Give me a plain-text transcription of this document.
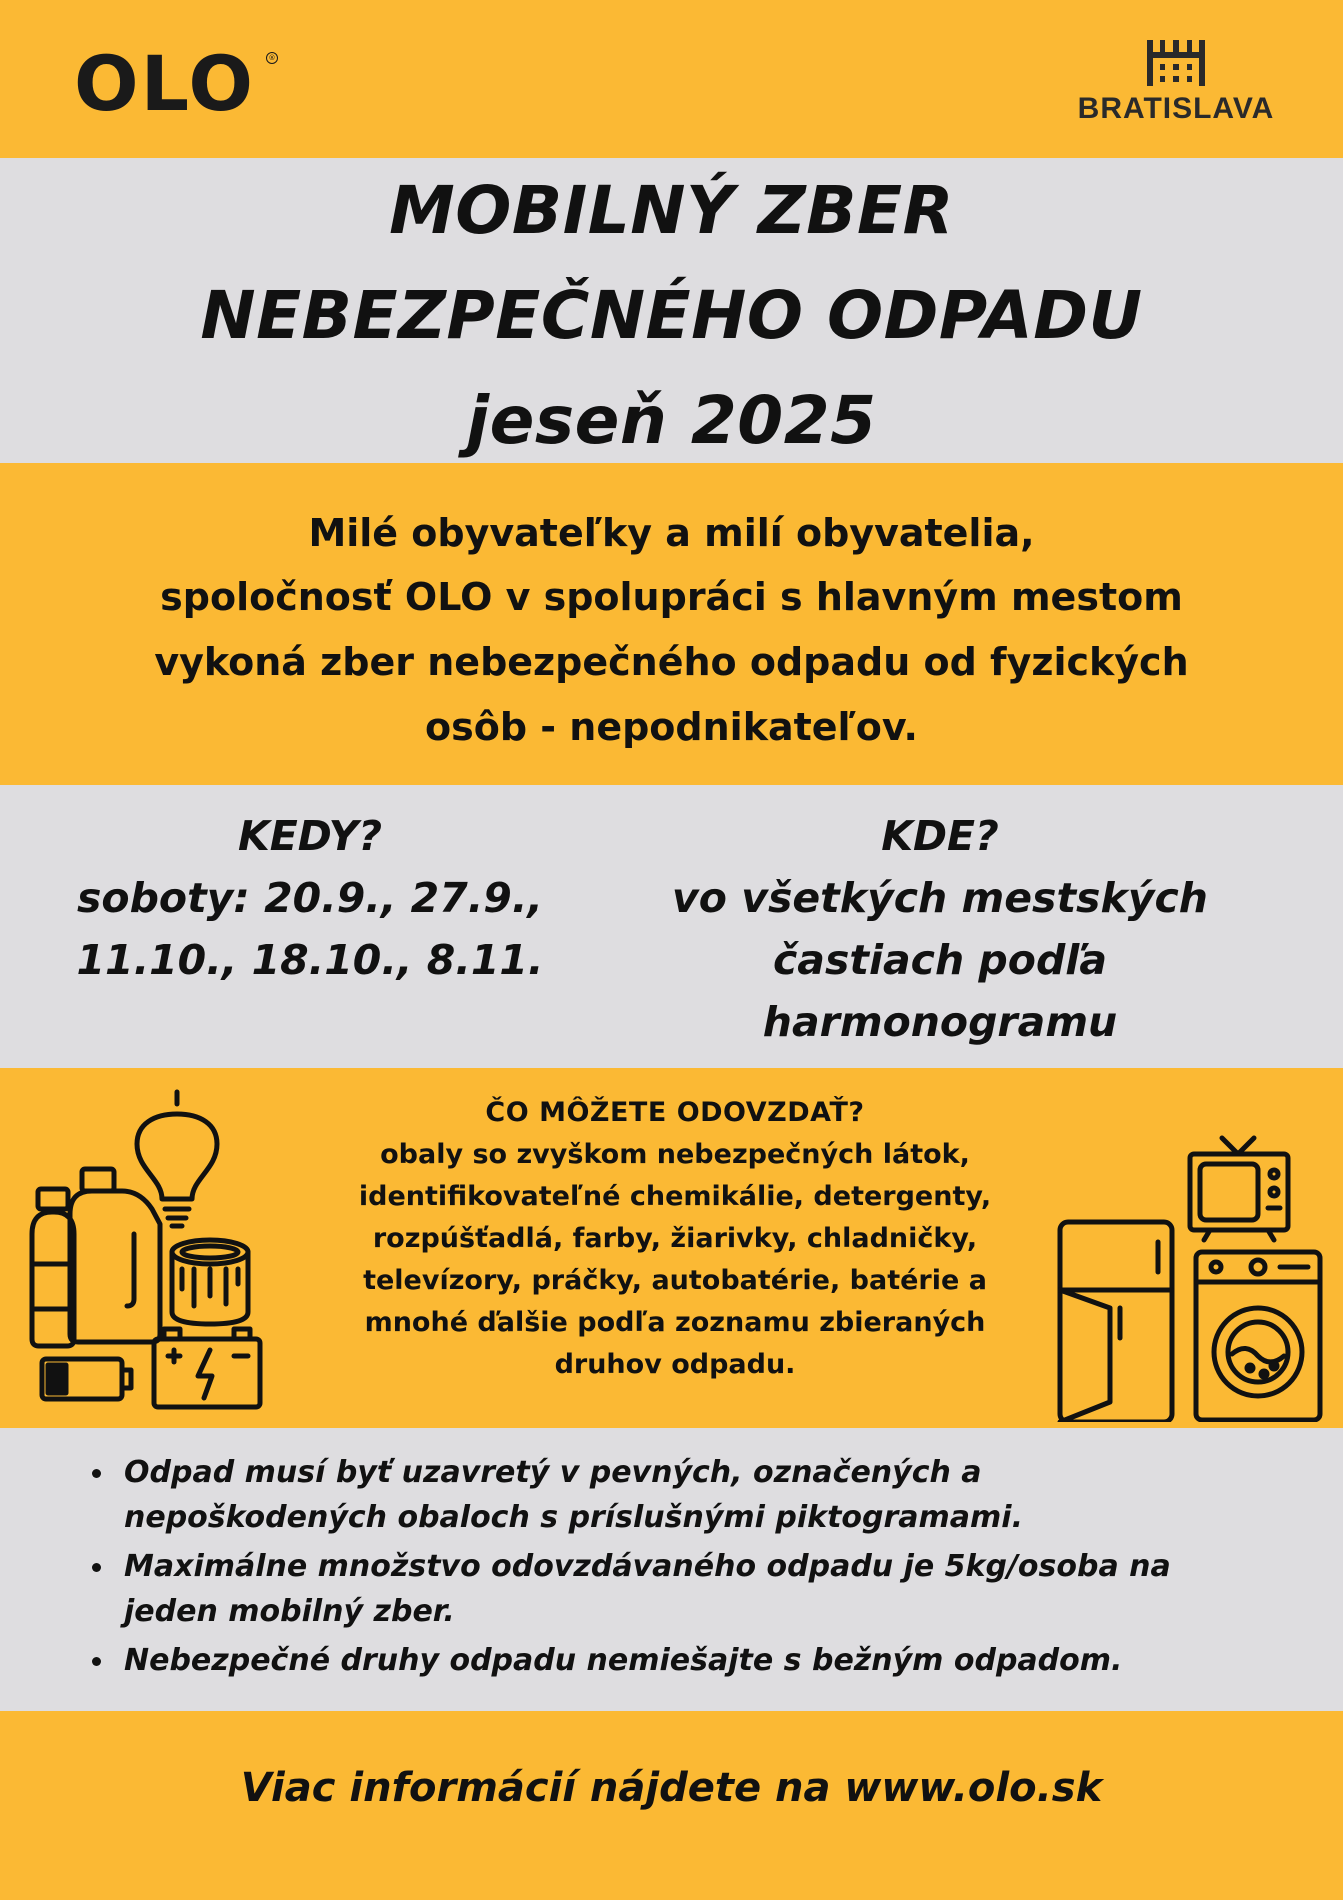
OLO	®
BRATISLAVA
MOBILNÝ ZBER
NEBEZPEČNÉHO ODPADU
jeseň 2025
Milé obyvateľky a milí obyvatelia,
spoločnosť OLO v spolupráci s hlavným mestom
vykoná zber nebezpečného odpadu od fyzických
osôb - nepodnikateľov.
KEDY?
soboty: 20.9., 27.9.,
11.10., 18.10., 8.11.
KDE?
vo všetkých mestských
častiach podľa
harmonogramu
ČO MÔŽETE ODOVZDAŤ?
obaly so zvyškom nebezpečných látok,
identifikovateľné chemikálie, detergenty,
rozpúšťadlá, farby, žiarivky, chladničky,
televízory, práčky, autobatérie, batérie a
mnohé ďalšie podľa zoznamu zbieraných
druhov odpadu.
Odpad musí byť uzavretý v pevných, označených a
nepoškodených obaloch s príslušnými piktogramami.
Maximálne množstvo odovzdávaného odpadu je 5kg/osoba na
jeden mobilný zber.
Nebezpečné druhy odpadu nemiešajte s bežným odpadom.
Viac informácií nájdete na www.olo.sk
